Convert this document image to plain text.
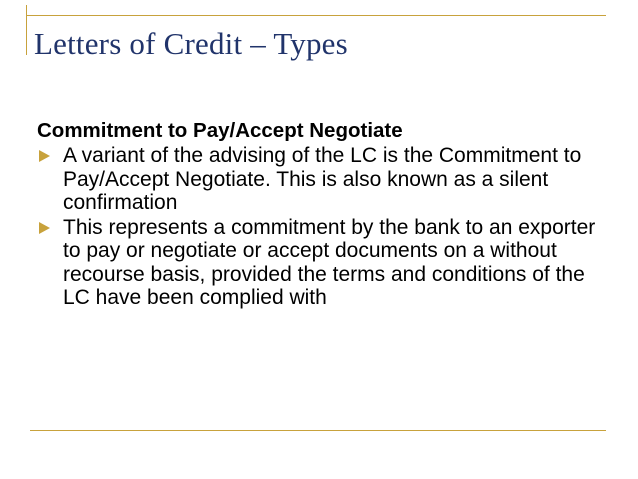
Letters of Credit – Types

Commitment to Pay/Accept Negotiate

A variant of the advising of the LC is the Commitment to Pay/Accept Negotiate. This is also known as a silent confirmation
This represents a commitment by the bank to an exporter to pay or negotiate or accept documents on a without recourse basis, provided the terms and conditions of the LC have been complied with
